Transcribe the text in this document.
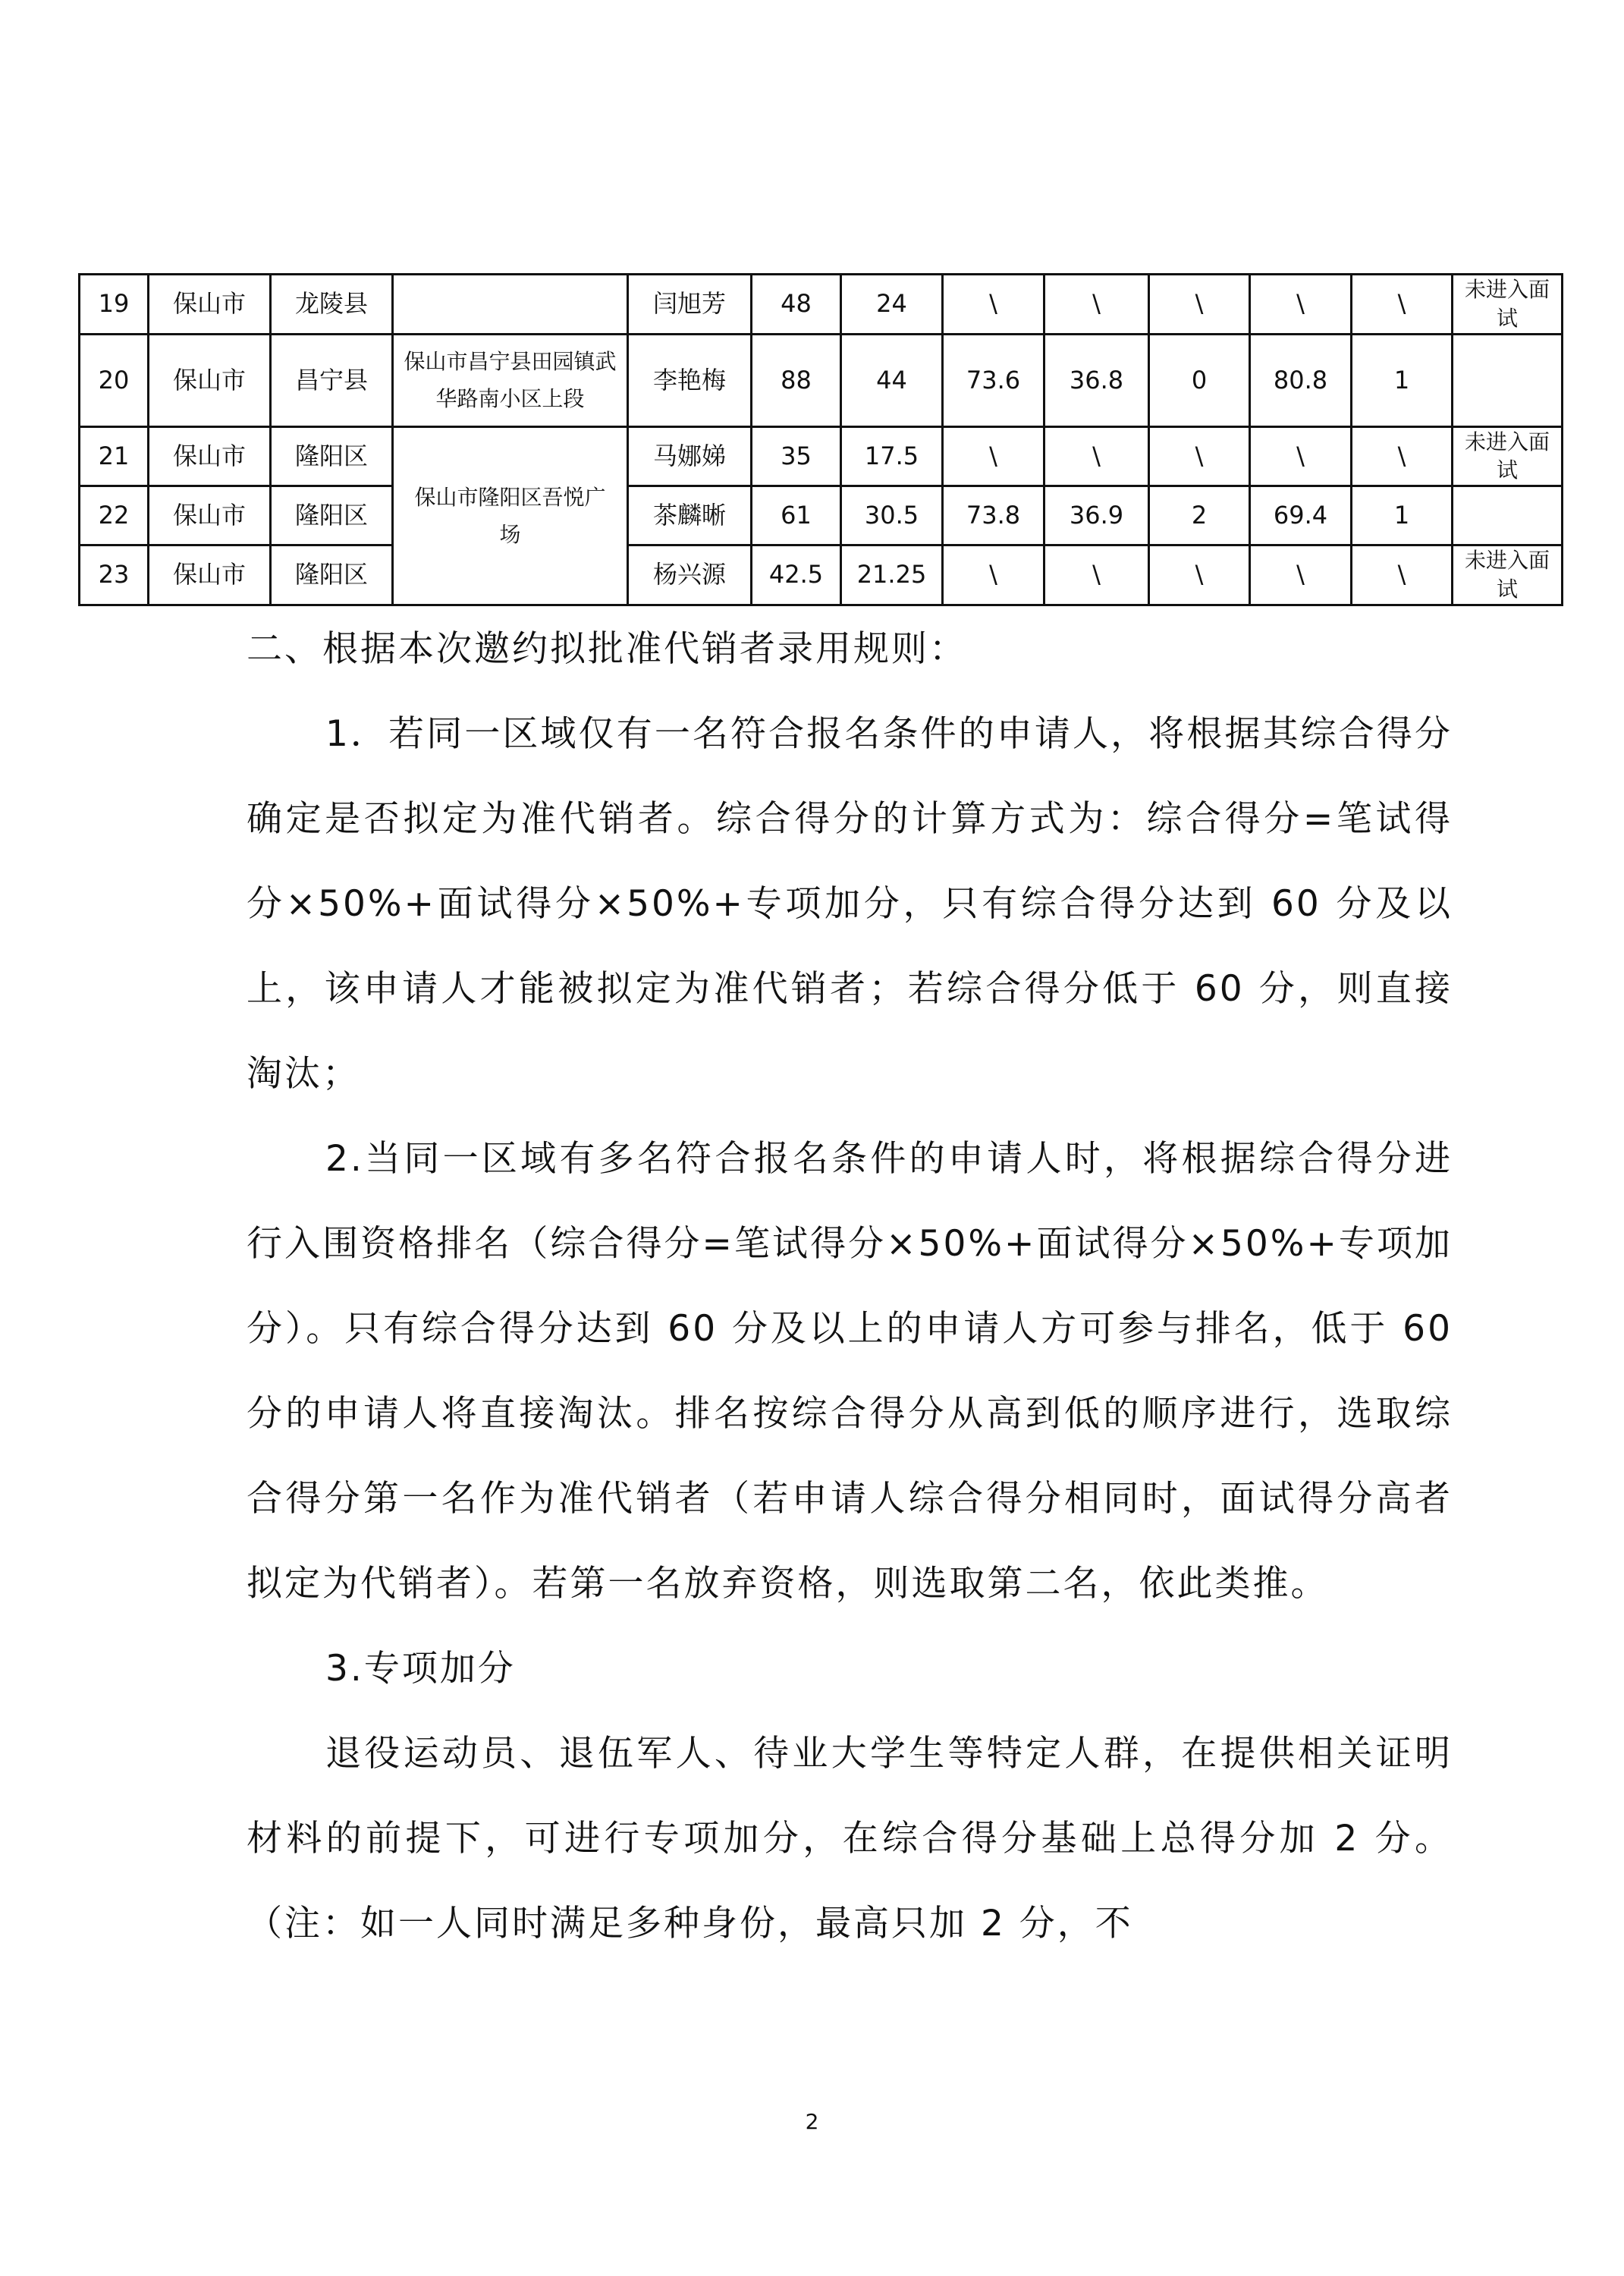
19	保山市	龙陵县		闫旭芳	48	24	\	\	\	\	\	未进入面试
20	保山市	昌宁县	保山市昌宁县田园镇武华路南小区上段	李艳梅	88	44	73.6	36.8	0	80.8	1	
21	保山市	隆阳区	保山市隆阳区吾悦广场	马娜娣	35	17.5	\	\	\	\	\	未进入面试
22	保山市	隆阳区		茶麟晰	61	30.5	73.8	36.9	2	69.4	1	
23	保山市	隆阳区		杨兴源	42.5	21.25	\	\	\	\	\	未进入面试

二、根据本次邀约拟批准代销者录用规则：

1．若同一区域仅有一名符合报名条件的申请人，将根据其综合得分确定是否拟定为准代销者。综合得分的计算方式为：综合得分=笔试得分×50%+面试得分×50%+专项加分，只有综合得分达到 60 分及以上，该申请人才能被拟定为准代销者；若综合得分低于 60 分，则直接淘汰；

2.当同一区域有多名符合报名条件的申请人时，将根据综合得分进行入围资格排名（综合得分=笔试得分×50%+面试得分×50%+专项加分）。只有综合得分达到 60 分及以上的申请人方可参与排名，低于 60 分的申请人将直接淘汰。排名按综合得分从高到低的顺序进行，选取综合得分第一名作为准代销者（若申请人综合得分相同时，面试得分高者拟定为代销者）。若第一名放弃资格，则选取第二名，依此类推。

3.专项加分

退役运动员、退伍军人、待业大学生等特定人群，在提供相关证明材料的前提下，可进行专项加分，在综合得分基础上总得分加 2 分。（注：如一人同时满足多种身份，最高只加 2 分，不

2
